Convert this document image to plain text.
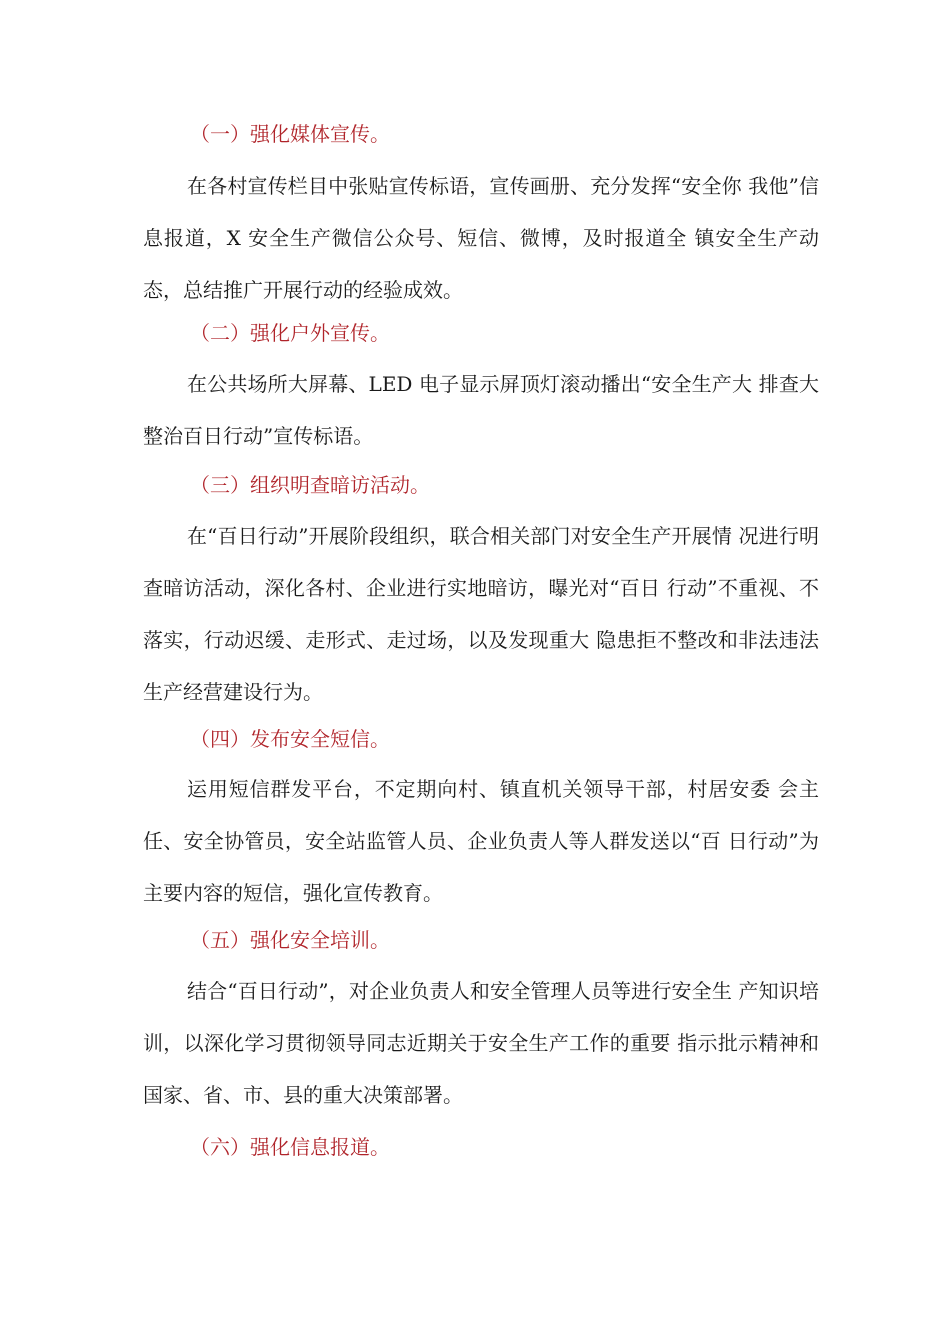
（一）强化媒体宣传。

在各村宣传栏目中张贴宣传标语，宣传画册、充分发挥“安全你 我他”信息报道，X 安全生产微信公众号、短信、微博，及时报道全 镇安全生产动态，总结推广开展行动的经验成效。

（二）强化户外宣传。

在公共场所大屏幕、LED 电子显示屏顶灯滚动播出“安全生产大 排查大整治百日行动”宣传标语。

（三）组织明查暗访活动。

在“百日行动”开展阶段组织，联合相关部门对安全生产开展情 况进行明查暗访活动，深化各村、企业进行实地暗访，曝光对“百日 行动”不重视、不落实，行动迟缓、走形式、走过场，以及发现重大 隐患拒不整改和非法违法生产经营建设行为。

（四）发布安全短信。

运用短信群发平台，不定期向村、镇直机关领导干部，村居安委 会主任、安全协管员，安全站监管人员、企业负责人等人群发送以“百 日行动”为主要内容的短信，强化宣传教育。

（五）强化安全培训。

结合“百日行动”，对企业负责人和安全管理人员等进行安全生 产知识培训，以深化学习贯彻领导同志近期关于安全生产工作的重要 指示批示精神和国家、省、市、县的重大决策部署。

（六）强化信息报道。
